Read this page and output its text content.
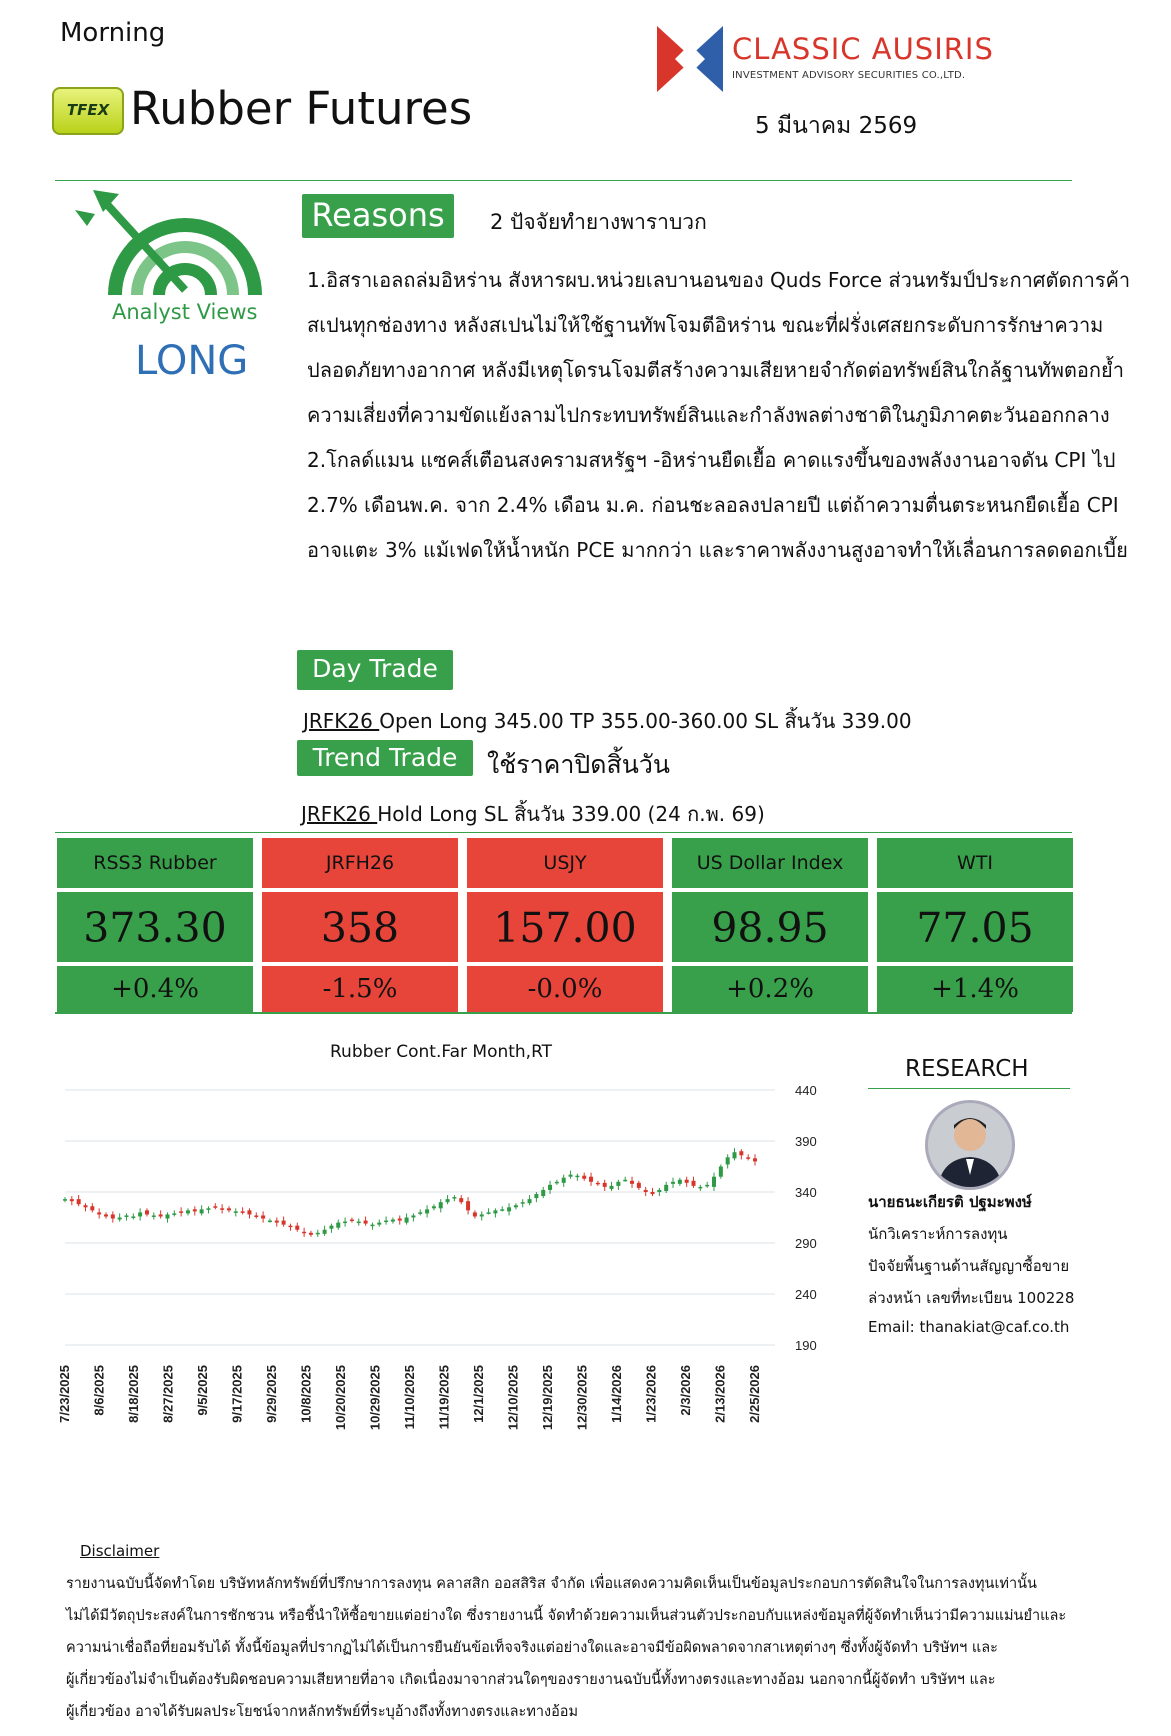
Morning
TFEX Rubber Futures
CLASSIC AUSIRIS
INVESTMENT ADVISORY SECURITIES CO.,LTD.
5 มีนาคม 2569
Analyst Views
LONG
Reasons	2 ปัจจัยทำยางพาราบวก

1.อิสราเอลถล่มอิหร่าน สังหารผบ.หน่วยเลบานอนของ Quds Force ส่วนทรัมป์ประกาศตัดการค้าสเปนทุกช่องทาง หลังสเปนไม่ให้ใช้ฐานทัพโจมตีอิหร่าน ขณะที่ฝรั่งเศสยกระดับการรักษาความปลอดภัยทางอากาศ หลังมีเหตุโดรนโจมตีสร้างความเสียหายจำกัดต่อทรัพย์สินใกล้ฐานทัพตอกย้ำความเสี่ยงที่ความขัดแย้งลามไปกระทบทรัพย์สินและกำลังพลต่างชาติในภูมิภาคตะวันออกกลาง

2.โกลด์แมน แซคส์เตือนสงครามสหรัฐฯ -อิหร่านยืดเยื้อ คาดแรงขึ้นของพลังงานอาจดัน CPI ไป 2.7% เดือนพ.ค. จาก 2.4% เดือน ม.ค. ก่อนชะลอลงปลายปี แต่ถ้าความตื่นตระหนกยืดเยื้อ CPI อาจแตะ 3% แม้เฟดให้น้ำหนัก PCE มากกว่า และราคาพลังงานสูงอาจทำให้เลื่อนการลดดอกเบี้ย

Day Trade
JRFK26 Open Long 345.00 TP 355.00-360.00 SL สิ้นวัน 339.00
Trend Trade	ใช้ราคาปิดสิ้นวัน
JRFK26 Hold Long SL สิ้นวัน 339.00 (24 ก.พ. 69)
RSS3 Rubber
373.30
+0.4%
JRFH26
358
-1.5%
USJY
157.00
-0.0%
US Dollar Index
98.95
+0.2%
WTI
77.05
+1.4%
Rubber Cont.Far Month,RT
440
390
340
290
240
190
7/23/2025 8/6/2025 8/18/2025 8/27/2025 9/5/2025 9/17/2025 9/29/2025 10/8/2025 10/20/2025 10/29/2025 11/10/2025 11/19/2025 12/1/2025 12/10/2025 12/19/2025 12/30/2025 1/14/2026 1/23/2026 2/3/2026 2/13/2026 2/25/2026
RESEARCH
นายธนะเกียรติ ปฐมะพงษ์
นักวิเคราะห์การลงทุน
ปัจจัยพื้นฐานด้านสัญญาซื้อขาย
ล่วงหน้า เลขที่ทะเบียน 100228
Email: thanakiat@caf.co.th
Disclaimer
รายงานฉบับนี้จัดทำโดย บริษัทหลักทรัพย์ที่ปรึกษาการลงทุน คลาสสิก ออสสิริส จำกัด เพื่อแสดงความคิดเห็นเป็นข้อมูลประกอบการตัดสินใจในการลงทุนเท่านั้น
ไม่ได้มีวัตถุประสงค์ในการชักชวน หรือชี้นำให้ซื้อขายแต่อย่างใด ซึ่งรายงานนี้ จัดทำด้วยความเห็นส่วนตัวประกอบกับแหล่งข้อมูลที่ผู้จัดทำเห็นว่ามีความแม่นยำและ
ความน่าเชื่อถือที่ยอมรับได้ ทั้งนี้ข้อมูลที่ปรากฏไม่ได้เป็นการยืนยันข้อเท็จจริงแต่อย่างใดและอาจมีข้อผิดพลาดจากสาเหตุต่างๆ ซึ่งทั้งผู้จัดทำ บริษัทฯ และ
ผู้เกี่ยวข้องไม่จำเป็นต้องรับผิดชอบความเสียหายที่อาจ เกิดเนื่องมาจากส่วนใดๆของรายงานฉบับนี้ทั้งทางตรงและทางอ้อม นอกจากนี้ผู้จัดทำ บริษัทฯ และ
ผู้เกี่ยวข้อง อาจได้รับผลประโยชน์จากหลักทรัพย์ที่ระบุอ้างถึงทั้งทางตรงและทางอ้อม
